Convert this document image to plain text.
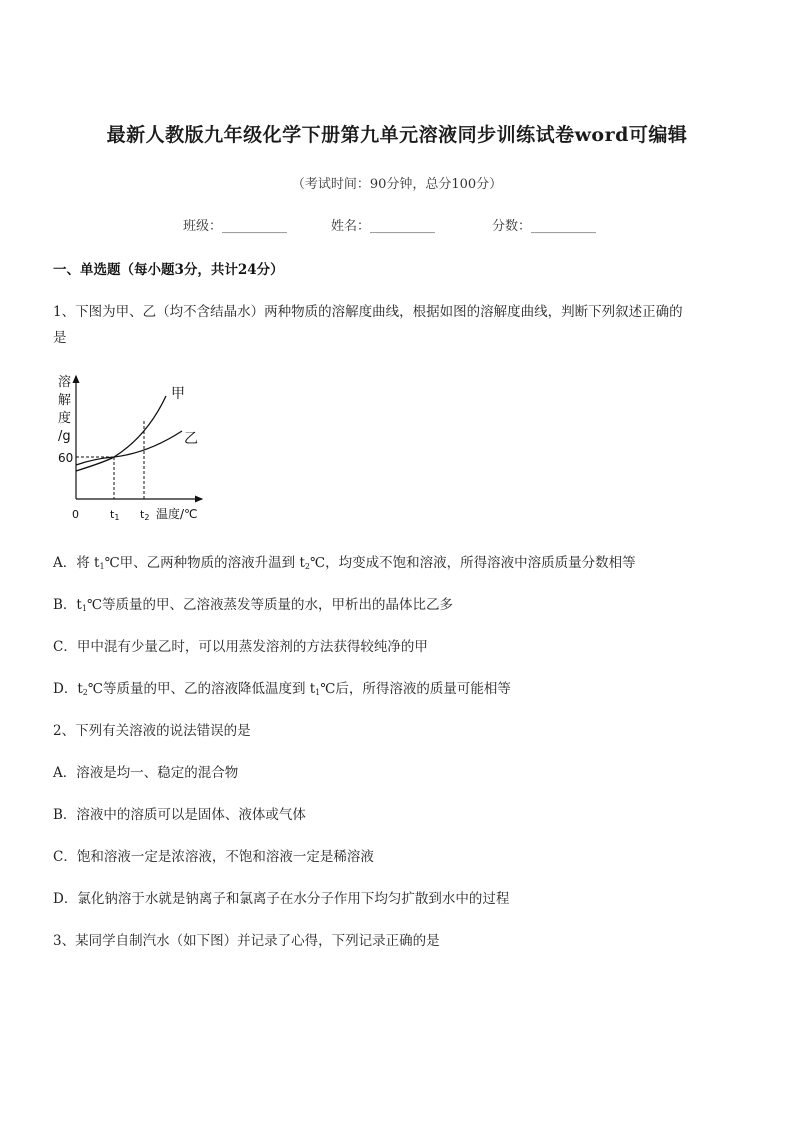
最新人教版九年级化学下册第九单元溶液同步训练试卷word可编辑
（考试时间：90分钟，总分100分）
班级：__________	姓名：__________	分数：__________
一、单选题（每小题3分，共计24分）
1、下图为甲、乙（均不含结晶水）两种物质的溶解度曲线，根据如图的溶解度曲线，判断下列叙述正确的
是
溶
解
度
/g
60
甲
乙
0	t1 t2 温度/℃
A．将 $t_1℃$甲、乙两种物质的溶液升温到 $t_2℃$，均变成不饱和溶液，所得溶液中溶质质量分数相等
B．$t_1℃$等质量的甲、乙溶液蒸发等质量的水，甲析出的晶体比乙多
C．甲中混有少量乙时，可以用蒸发溶剂的方法获得较纯净的甲
D．$t_2℃$等质量的甲、乙的溶液降低温度到 $t_1℃$后，所得溶液的质量可能相等
2、下列有关溶液的说法错误的是
A．溶液是均一、稳定的混合物
B．溶液中的溶质可以是固体、液体或气体
C．饱和溶液一定是浓溶液，不饱和溶液一定是稀溶液
D．氯化钠溶于水就是钠离子和氯离子在水分子作用下均匀扩散到水中的过程
3、某同学自制汽水（如下图）并记录了心得，下列记录正确的是
